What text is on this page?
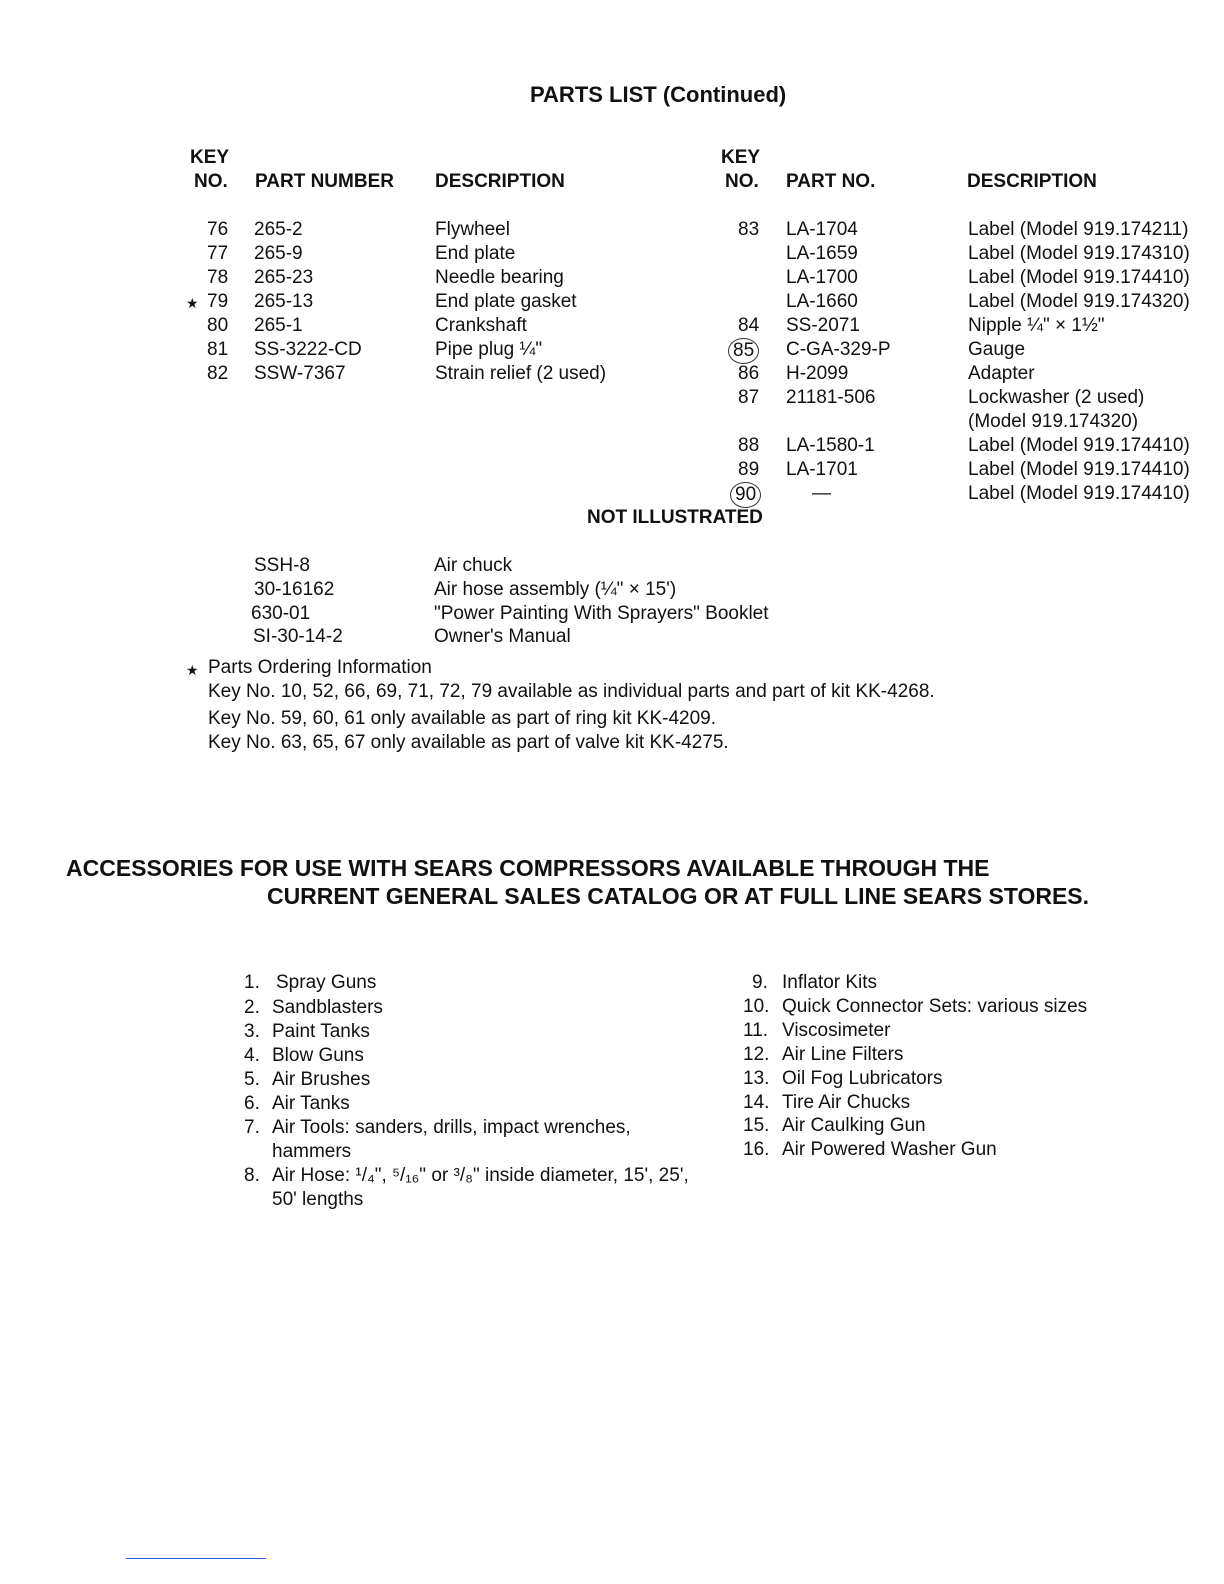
PARTS LIST (Continued)
KEY
NO. PART NUMBER DESCRIPTION
KEY
NO. PART NO.	DESCRIPTION
76 265-2	Flywheel
77 265-9	End plate
78 265-23	Needle bearing
★ 79 265-13	End plate gasket
80 265-1	Crankshaft
81 SS-3222-CD	Pipe plug ¼"
82 SSW-7367	Strain relief (2 used)
83 LA-1704	Label (Model 919.174211)
LA-1659	Label (Model 919.174310)
LA-1700	Label (Model 919.174410)
LA-1660	Label (Model 919.174320)
84 SS-2071	Nipple ¼" × 1½"
85 C-GA-329-P	Gauge
86 H-2099	Adapter
87 21181-506	Lockwasher (2 used)
(Model 919.174320)
88 LA-1580-1	Label (Model 919.174410)
89 LA-1701	Label (Model 919.174410)
90	—	Label (Model 919.174410)
NOT ILLUSTRATED
SSH-8	Air chuck
30-16162	Air hose assembly (¼" × 15')
630-01	"Power Painting With Sprayers" Booklet
SI-30-14-2	Owner's Manual
★ Parts Ordering Information
Key No. 10, 52, 66, 69, 71, 72, 79 available as individual parts and part of kit KK-4268.
Key No. 59, 60, 61 only available as part of ring kit KK-4209.
Key No. 63, 65, 67 only available as part of valve kit KK-4275.
ACCESSORIES FOR USE WITH SEARS COMPRESSORS AVAILABLE THROUGH THE
CURRENT GENERAL SALES CATALOG OR AT FULL LINE SEARS STORES.
1. Spray Guns
2. Sandblasters
3. Paint Tanks
4. Blow Guns
5. Air Brushes
6. Air Tanks
7. Air Tools: sanders, drills, impact wrenches,
hammers
8. Air Hose: ¹/₄", ⁵/₁₆" or ³/₈" inside diameter, 15', 25',
50' lengths
9. Inflator Kits
10. Quick Connector Sets: various sizes
11. Viscosimeter
12. Air Line Filters
13. Oil Fog Lubricators
14. Tire Air Chucks
15. Air Caulking Gun
16. Air Powered Washer Gun
